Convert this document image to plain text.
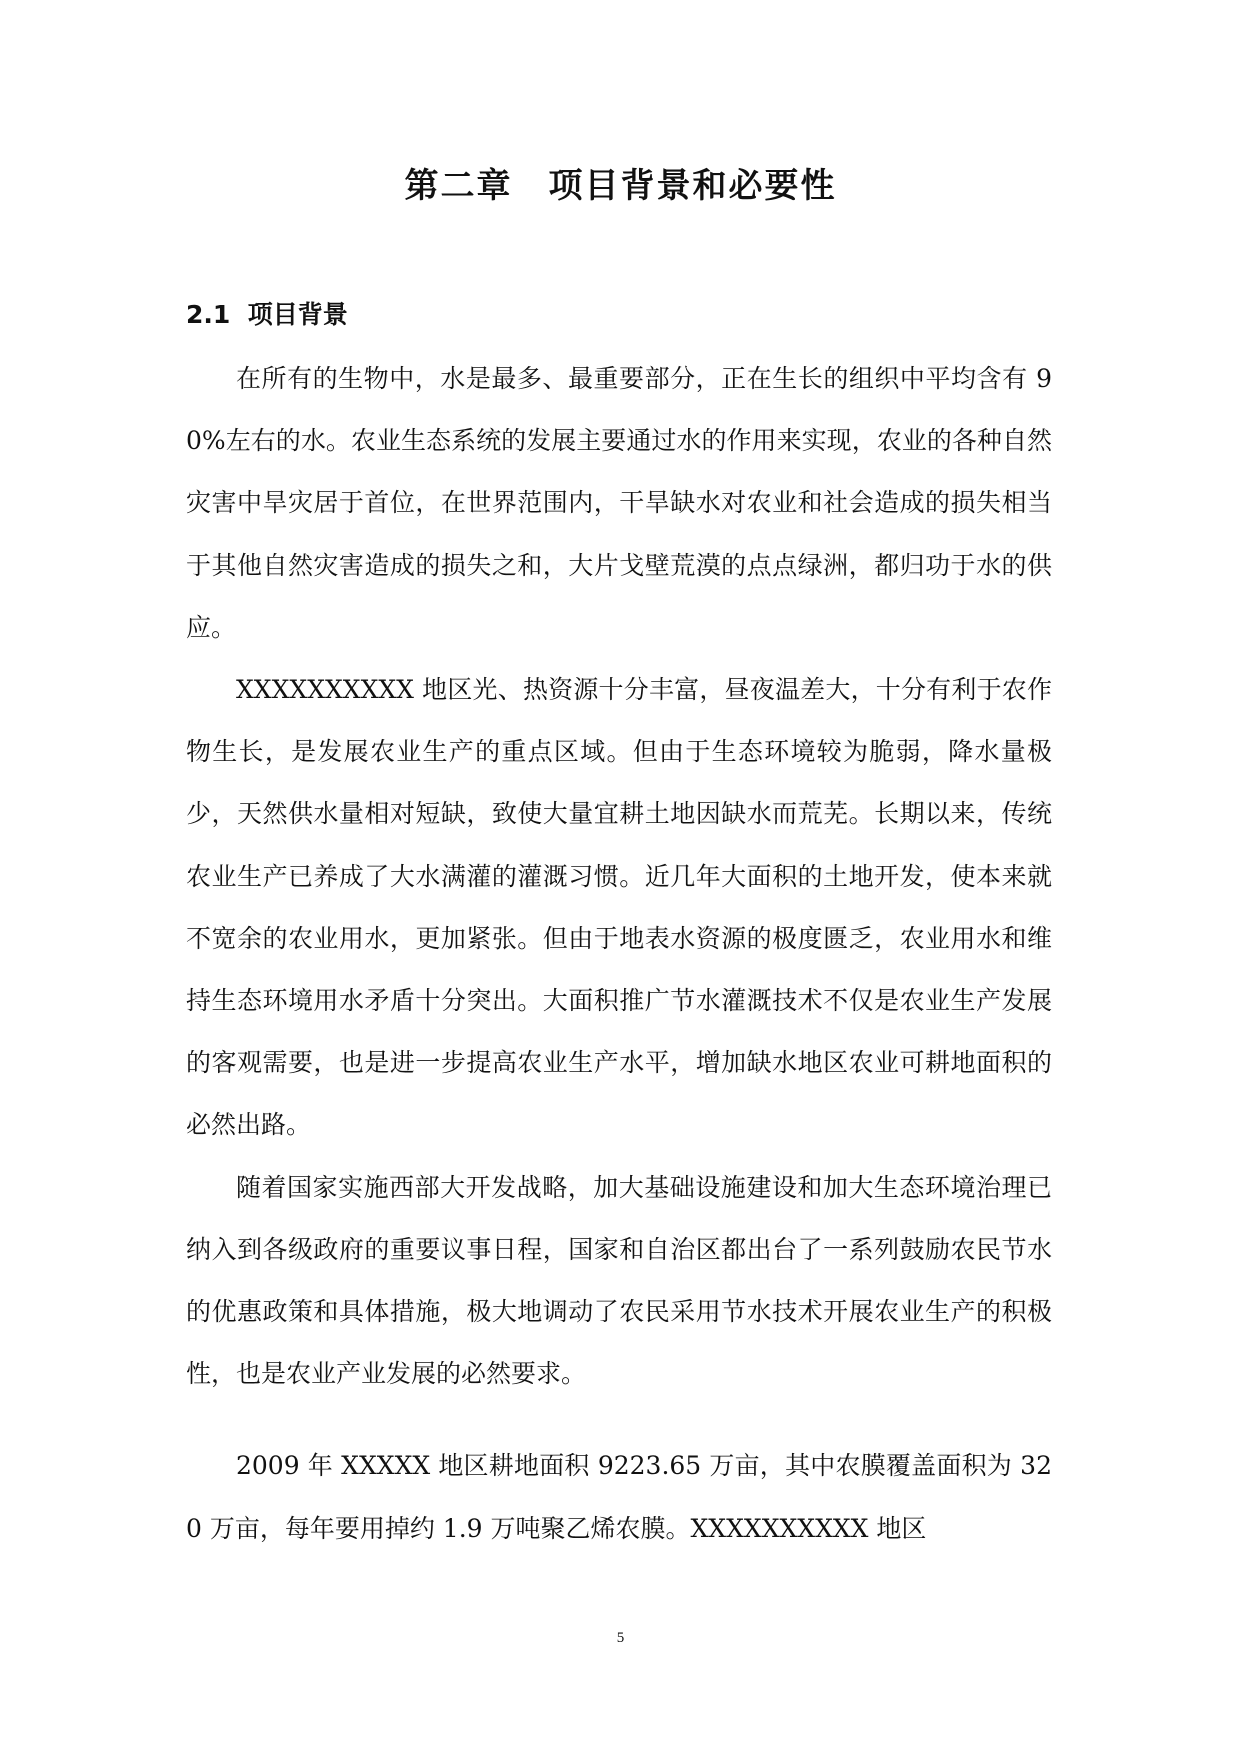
第二章　项目背景和必要性
2.1 项目背景

在所有的生物中，水是最多、最重要部分，正在生长的组织中平均含有 90%左右的水。农业生态系统的发展主要通过水的作用来实现，农业的各种自然灾害中旱灾居于首位，在世界范围内，干旱缺水对农业和社会造成的损失相当于其他自然灾害造成的损失之和，大片戈壁荒漠的点点绿洲，都归功于水的供应。

XXXXXXXXXX 地区光、热资源十分丰富，昼夜温差大，十分有利于农作物生长，是发展农业生产的重点区域。但由于生态环境较为脆弱，降水量极少，天然供水量相对短缺，致使大量宜耕土地因缺水而荒芜。长期以来，传统农业生产已养成了大水满灌的灌溉习惯。近几年大面积的土地开发，使本来就不宽余的农业用水，更加紧张。但由于地表水资源的极度匮乏，农业用水和维持生态环境用水矛盾十分突出。大面积推广节水灌溉技术不仅是农业生产发展的客观需要，也是进一步提高农业生产水平，增加缺水地区农业可耕地面积的必然出路。

随着国家实施西部大开发战略，加大基础设施建设和加大生态环境治理已纳入到各级政府的重要议事日程，国家和自治区都出台了一系列鼓励农民节水的优惠政策和具体措施，极大地调动了农民采用节水技术开展农业生产的积极性，也是农业产业发展的必然要求。

2009 年 XXXXX 地区耕地面积 9223.65 万亩，其中农膜覆盖面积为 320 万亩，每年要用掉约 1.9 万吨聚乙烯农膜。XXXXXXXXXX 地区

5
